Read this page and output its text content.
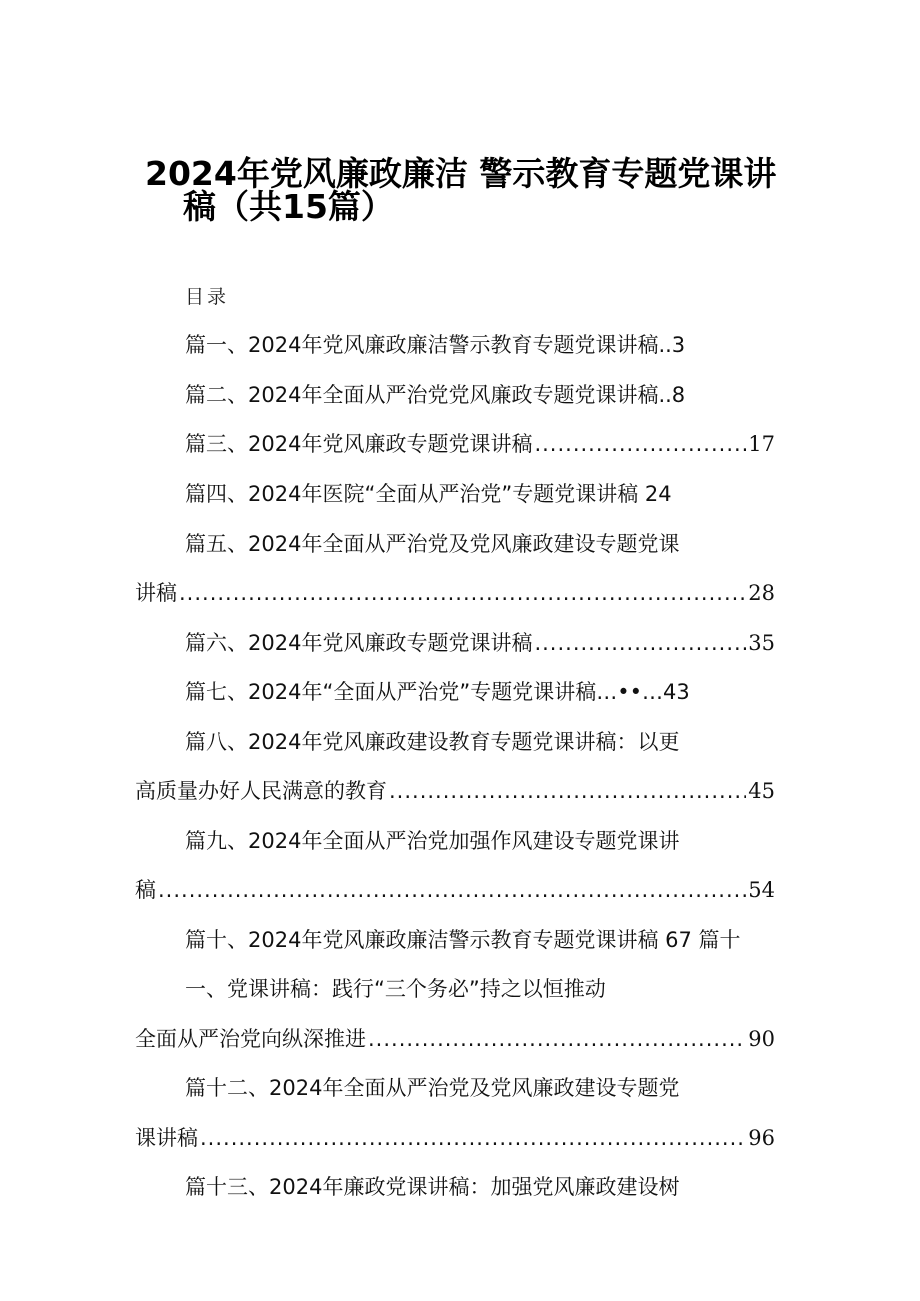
2024年党风廉政廉洁 警示教育专题党课讲
稿（共15篇）
目录
篇一、2024年党风廉政廉洁警示教育专题党课讲稿..3
篇二、2024年全面从严治党党风廉政专题党课讲稿..8
篇三、2024年党风廉政专题党课讲稿 .....	17
篇四、2024年医院“全面从严治党”专题党课讲稿 24
篇五、2024年全面从严治党及党风廉政建设专题党课
讲稿 .....	28
篇六、2024年党风廉政专题党课讲稿 .....	35
篇七、2024年“全面从严治党”专题党课讲稿…••…43
篇八、2024年党风廉政建设教育专题党课讲稿：以更
高质量办好人民满意的教育 .....	45
篇九、2024年全面从严治党加强作风建设专题党课讲
稿 .....	54
篇十、2024年党风廉政廉洁警示教育专题党课讲稿 67 篇十
一、党课讲稿：践行“三个务必”持之以恒推动
全面从严治党向纵深推进 .....	90
篇十二、2024年全面从严治党及党风廉政建设专题党
课讲稿 .....	96
篇十三、2024年廉政党课讲稿：加强党风廉政建设树
